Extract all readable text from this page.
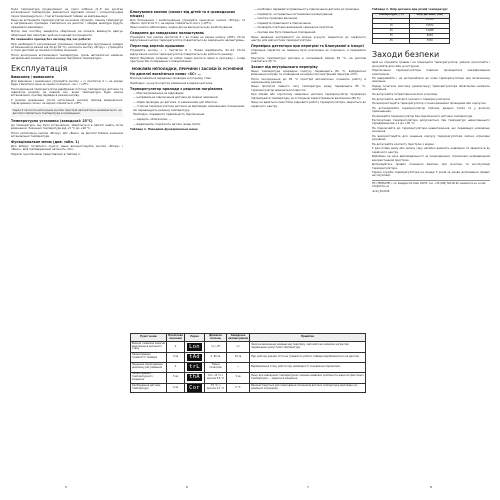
Коли температура продукованої на грилі хлібини (0..8 хв) досягає встановленої температури, вмикається звуковий сигнал і чотирисекундна пауза прекращується, і тоді встановлений таймер не відпрацьовує.

Якщо ви встановите терморегулятор на режим «Ручний», панель температур в нагрівальних приладах з'являється на дисплеї і обидва шампури будуть працювати рівномірно.

Мотор має постійну швидкість обертання, ви можете ввімкнути двигун обертання при перегріві, щоб не пошкодити інгредієнти.

Не залишайте прилад без нагляду під час роботи!

При необхідності регулювання утримання температури внутрішньої камери за бажанням (в межах від 30 до 90 °С), натисніть кнопку «Вгору» і утримуйте її, поки дисплей не покаже потрібне значення.

Після досягнення встановленої температури, гриль автоматично вимикає нагрівальний елемент і вмикає режим підтримки температури.

Експлуатація
Вмикання / вимикання

Для вмикання / вимикання утримуйте кнопку « /» протягом 4 с, на екрані буде з'являтися одна за одною позначки: «on» і «oFF».

Після вмикання терморегулятор відображає поточну температуру датчика та індикатор режиму на певний час; якщо температура буде нижче встановленої, прилад перейде в режим нагріву.

У режимі вимикання (після натискання кнопки) прилад вимикається, підсвічування гасне і на екрані з'являється «oFF».

Через 5 хв після натискання кнопки пристрій автоматично вимикається і на дисплеї з'являється температура в приміщенні.

Температурна установка (заводські: 25°С)

Ця температура, яку було встановлено, зберігається в пам'яті навіть після вимкнення. Значення температури від +5 °С до +90 °С.

Після натискання кнопки «Вгору» або «Вниз» на дисплеї блимає значення встановленої температури.

Функціональне меню (див. табл. 1)

Для вибору потрібного пункту меню використовуйте кнопки «Вгору» / «Вниз». Для підтвердження натисніть «Ок».

Перелік пунктів меню представлено в таблиці 1.

Блокування кнопок (захист від дітей та в громадських місцях)

Для блокування / розблокування утримуйте одночасно кнопки «Вгору» та «Вниз» протягом 5 с, на екрані з'являється «Loc» («oFF»).

Якщо кнопки заблоковані, жодна дія не виконується до розблокування.

Скидання до заводських налаштувань

Утримуйте три кнопки протягом 8 с до появи на екрані напису «dEF». Після відпускання кнопки терморегулятор повертається до заводських налаштувань.

Перегляд верхніх прошивок

Утримуйте кнопку « » протягом 8 с. Екран відобразить S1..S4. Після відпускання кнопки терморегулятор повертається до робочого режиму.

Увага! Виробник залишає за собою право вносити зміни в програму і склад пристрою без попереднього повідомлення.

МОЖЛИВІ НЕПОЛАДКИ, ПРИЧИНИ І ЗАСОБИ ЇХ УСУНЕННЯ
На дисплеї висвітиться напис «SC» —

Монтаж/зніматься заряджені проводки в поганому стані.

Необхідно: усунути коротке замикання в мережі датчика.

Терморегулятор прилади з решотом нагрівання

— Монтаж/живлення не відповідає;

— неправильне підключення датчика до мережі живлення;

— обрив проводки до датчика, зі замиканням цієї обмотки;

— сторона терморегулятора датчика не відповідає номінальним показникам, які перевищують реальну температуру.

Необхідно: перевірити правильність підключення.

— зарядіть, обов'язково; —

— відрахувати, підключіть датчик, вище третя.

Таблиця 1. Наводима функціональне меню

— необхідно перевірити правильність підключення датчика до проводки.

— перевірте, чи правильно встановлені налаштування.

— монтаж проводки виконано.

— перевірте правильність підключення.

— проведіть повторне вимикання і вмикання пристрою.

— прилад має бути правильно під'єднаний.

Якщо виявлені несправності не можна усунути, зверніться до сервісного центру для діагностики терморегулятора.

Перевірка детектора при перегріві та блокуванні в Іспорті

Спіральна підсвітка не повинна бути розпізнана як порожньо, а працювати далі.

Контроль температури датчика в ізольованій камері 65 °С, на дисплеї з'являється 45 °С.

Захист від внутрішнього перегріву

Якщо температура всередині корпусу перевищить 80 °С, відбудеться вимкнення нагріву та сповіщення на екрані про внутрішній перегрів «OH».

Після охолодження до 65 °С пристрій автоматично поновить роботу в нормальному режимі.

Якщо протягом певного часу температура знову перевищить 85 °С, терморегулятор вимкнеться повністю.

При обриві або короткому замиканні датчика терморегулятор продовжує підтримувати температуру за останньою зареєстрованою величиною (80 %).

Якщо не вдається самостійно відновити роботу терморегулятора, зверніться до сервісного центру.

Пункт меню	Початкове значення	Екран	Діапазон значень	Заводське налаштування	Примітки
Вмикає / вимикає захисне відключення шкільного стану	0	Lon	on / off	on	Захисне вимкнення захищає від перегріву і автоматично вимикає нагрів при перевищенні допустимої температури.
Налаштування тривалості таймера	3 хв	tAd	0..60 хв	30 хв	При знятому режимі поточна тривалість роботи таймера відображається на дисплеї.
Зміщення підсвічування діапазону регулювання	0	trL	Тільки початкові	—	Відображення стану роботи при необхідності поновлення параметрів.
Налаштування температурного зміщення	5 хв	thA	0,5...10 °С з кроком 0,5 °С	5 хв	Якщо для заводських температурних значень виявлено розбіжність відносно фактичної температури — задається зміщення.
Калібрування датчика температури	4 хв	Cor	±5 °С, з кроком 0,1 °С	0 °С	Використовується для корегування показників датчика температури відповідно до реальних показників.
Таблиця 2. Опір датчика при різній температурі
Температура, (°С)	Опір датчика, (Ом)
5	25339
15	15872
25	12488
35	8059
45	5330
Заходи безпеки

Щоб не отримати травми і не пошкодити терморегулятор, уважно прочитайте і зрозумійте для себе ці інструкції.

Підключення терморегулятора повинно проводитися кваліфікованим електриком.

Не відкривайте і не доторкайтеся до клем терморегулятора при включеному живленні.

Перед початком монтажу (демонтажу) терморегулятора обов'язково вимкніть живлення.

Не допускайте потрапляння вологи в прилад.

Не допускайте, щоб діти гралися з терморегулятором.

Не використовуйте терморегулятор з пошкодженими проводами або корпусом.

Не встановлюйте терморегулятор поблизу джерел тепла та у вологих приміщеннях.

Не вмикайте терморегулятор без підключеного датчика температури.

Експлуатація терморегулятора допускається при температурі навколишнього середовища від +1 до +45 °С.

Не підключайте до терморегулятора навантаження, що перевищує номінальні значення.

Не використовуйте для чищення корпусу терморегулятора хімічно агресивні речовини.

Не допускайте контакту пристрою з водою.

У разі появи диму або запаху гару негайно вимкніть живлення та зверніться до сервісного центру.

Виробник не несе відповідальності за пошкодження, спричинені неправильним використанням пристрою.

Дотримуйтесь правил пожежної безпеки при монтажі та експлуатації терморегулятора.

Термін служби терморегулятора не менше 5 років за умови дотримання правил експлуатації.

ТМ «ТЕРМО-РЕГ», пр. Бандери 18, Київ, 04073, тел. +38 (044) 500 00 00, www.termo.ua, e-mail: info@termo.ua

ukr12_00-0016

5	6	7	8
